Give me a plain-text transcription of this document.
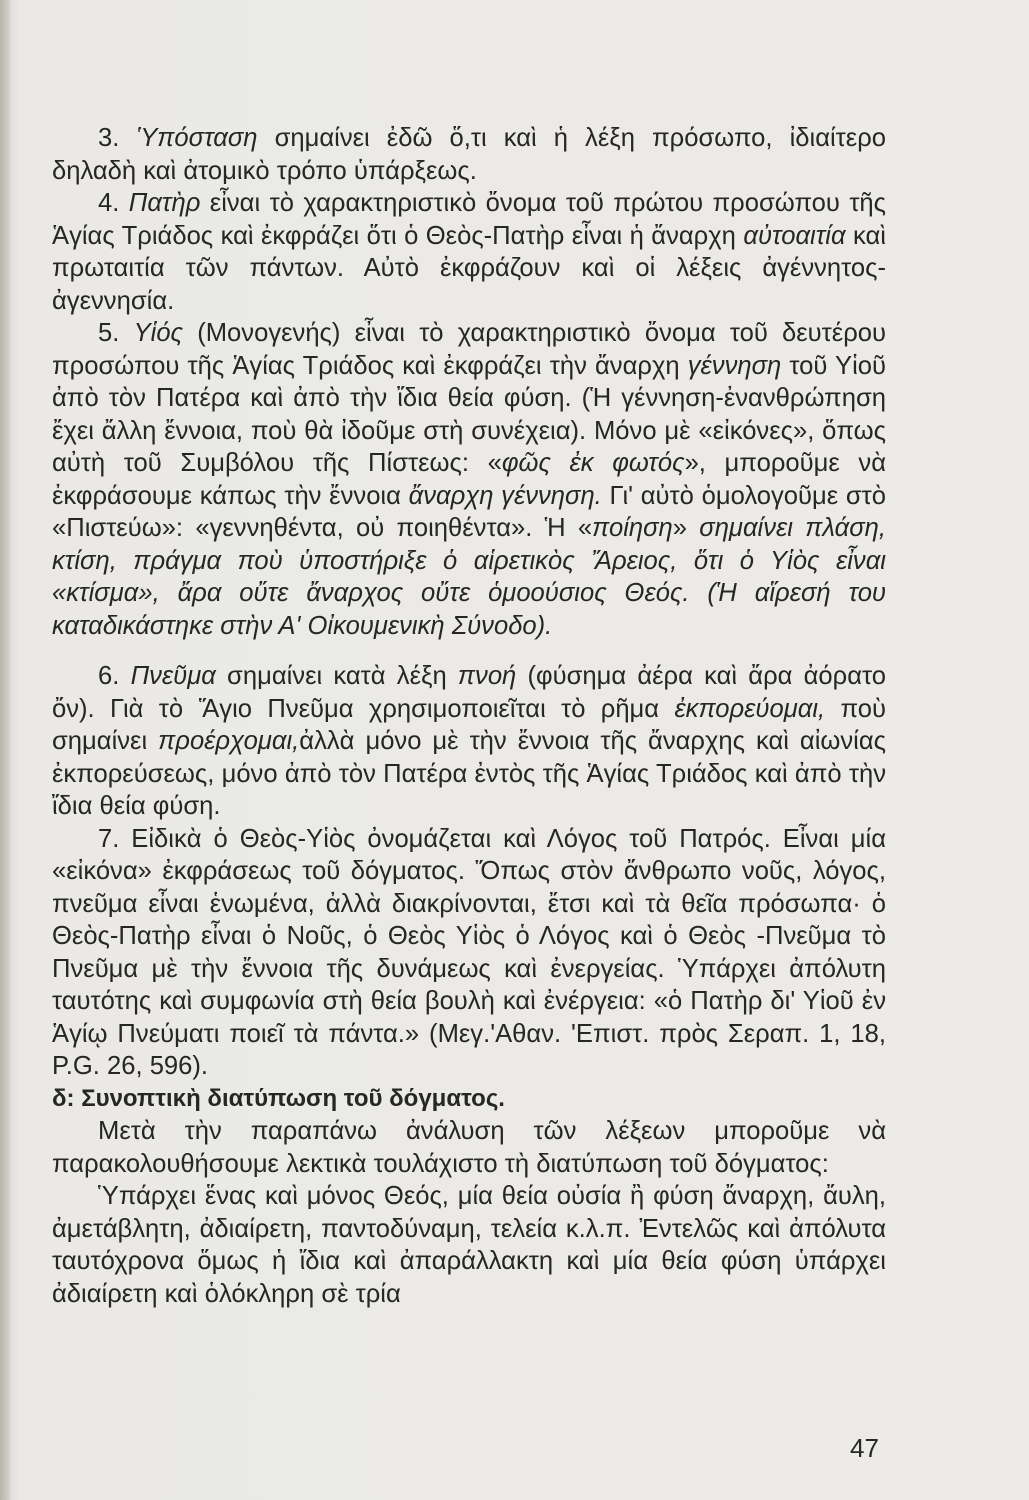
3. Ὑπόσταση σημαίνει ἐδῶ ὅ,τι καὶ ἡ λέξη πρόσωπο, ἰδιαίτερο δηλαδὴ καὶ ἀτομικὸ τρόπο ὑπάρξεως.

4. Πατὴρ εἶναι τὸ χαρακτηριστικὸ ὄνομα τοῦ πρώτου προσώπου τῆς Ἁγίας Τριάδος καὶ ἐκφράζει ὅτι ὁ Θεὸς-Πατὴρ εἶναι ἡ ἄναρχη αὐτοαιτία καὶ πρωταιτία τῶν πάντων. Αὐτὸ ἐκφράζουν καὶ οἱ λέξεις ἀγέννητος-ἀγεννησία.

5. Υἱός (Μονογενής) εἶναι τὸ χαρακτηριστικὸ ὄνομα τοῦ δευτέρου προσώπου τῆς Ἁγίας Τριάδος καὶ ἐκφράζει τὴν ἄναρχη γέννηση τοῦ Υἱοῦ ἀπὸ τὸν Πατέρα καὶ ἀπὸ τὴν ἴδια θεία φύση. (Ἡ γέννηση-ἐνανθρώπηση ἔχει ἄλλη ἔννοια, ποὺ θὰ ἰδοῦμε στὴ συνέχεια). Μόνο μὲ «εἰκόνες», ὅπως αὐτὴ τοῦ Συμβόλου τῆς Πίστεως: «φῶς ἐκ φωτός», μποροῦμε νὰ ἐκφράσουμε κάπως τὴν ἔννοια ἄναρχη γέννηση. Γι' αὐτὸ ὁμολογοῦμε στὸ «Πιστεύω»: «γεννηθέντα, οὐ ποιηθέντα». Ἡ «ποίηση» σημαίνει πλάση, κτίση, πράγμα ποὺ ὑποστήριξε ὁ αἱρετικὸς Ἄρειος, ὅτι ὁ Υἱὸς εἶναι «κτίσμα», ἄρα οὔτε ἄναρχος οὔτε ὁμοούσιος Θεός. (Ἡ αἵρεσή του καταδικάστηκε στὴν Α' Οἰκουμενικὴ Σύνοδο).

6. Πνεῦμα σημαίνει κατὰ λέξη πνοή (φύσημα ἀέρα καὶ ἄρα ἀόρατο ὄν). Γιὰ τὸ Ἅγιο Πνεῦμα χρησιμοποιεῖται τὸ ρῆμα ἐκπορεύομαι, ποὺ σημαίνει προέρχομαι,ἀλλὰ μόνο μὲ τὴν ἔννοια τῆς ἄναρχης καὶ αἰωνίας ἐκπορεύσεως, μόνο ἀπὸ τὸν Πατέρα ἐντὸς τῆς Ἁγίας Τριάδος καὶ ἀπὸ τὴν ἴδια θεία φύση.

7. Εἰδικὰ ὁ Θεὸς-Υἱὸς ὀνομάζεται καὶ Λόγος τοῦ Πατρός. Εἶναι μία «εἰκόνα» ἐκφράσεως τοῦ δόγματος. Ὅπως στὸν ἄνθρωπο νοῦς, λόγος, πνεῦμα εἶναι ἑνωμένα, ἀλλὰ διακρίνονται, ἔτσι καὶ τὰ θεῖα πρόσωπα· ὁ Θεὸς-Πατὴρ εἶναι ὁ Νοῦς, ὁ Θεὸς Υἱὸς ὁ Λόγος καὶ ὁ Θεὸς -Πνεῦμα τὸ Πνεῦμα μὲ τὴν ἔννοια τῆς δυνάμεως καὶ ἐνεργείας. Ὑπάρχει ἀπόλυτη ταυτότης καὶ συμφωνία στὴ θεία βουλὴ καὶ ἐνέργεια: «ὁ Πατὴρ δι' Υἱοῦ ἐν Ἁγίῳ Πνεύματι ποιεῖ τὰ πάντα.» (Μεγ.'Αθαν. 'Επιστ. πρὸς Σεραπ. 1, 18, P.G. 26, 596).

δ: Συνοπτικὴ διατύπωση τοῦ δόγματος.

Μετὰ τὴν παραπάνω ἀνάλυση τῶν λέξεων μποροῦμε νὰ παρακολουθήσουμε λεκτικὰ τουλάχιστο τὴ διατύπωση τοῦ δόγματος:

Ὑπάρχει ἕνας καὶ μόνος Θεός, μία θεία οὐσία ἢ φύση ἄναρχη, ἄυλη, ἀμετάβλητη, ἀδιαίρετη, παντοδύναμη, τελεία κ.λ.π. Ἐντελῶς καὶ ἀπόλυτα ταυτόχρονα ὅμως ἡ ἴδια καὶ ἀπαράλλακτη καὶ μία θεία φύση ὑπάρχει ἀδιαίρετη καὶ ὁλόκληρη σὲ τρία

47
